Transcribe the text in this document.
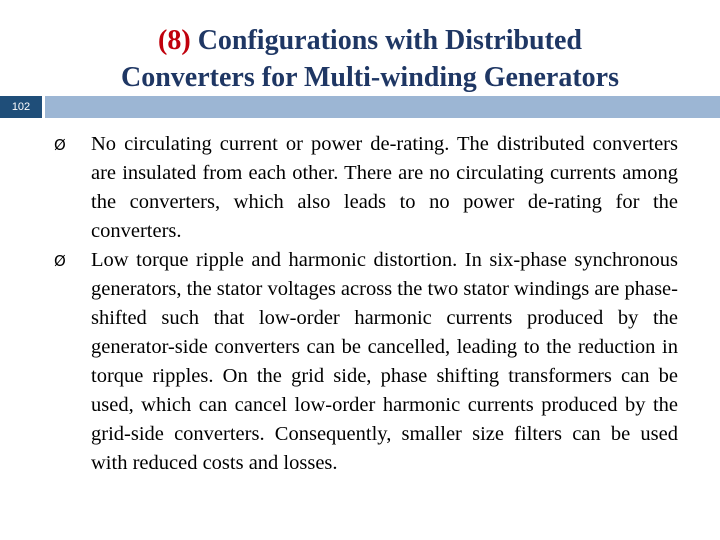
(8) Configurations with Distributed
Converters for Multi-winding Generators
102
Ø No circulating current or power de-rating. The distributed converters are insulated from each other. There are no circulating currents among the converters, which also leads to no power de-rating for the converters.
Ø Low torque ripple and harmonic distortion. In six-phase synchronous generators, the stator voltages across the two stator windings are phase-shifted such that low-order harmonic currents produced by the generator-side converters can be cancelled, leading to the reduction in torque ripples. On the grid side, phase shifting transformers can be used, which can cancel low-order harmonic currents produced by the grid-side converters. Consequently, smaller size filters can be used with reduced costs and losses.
